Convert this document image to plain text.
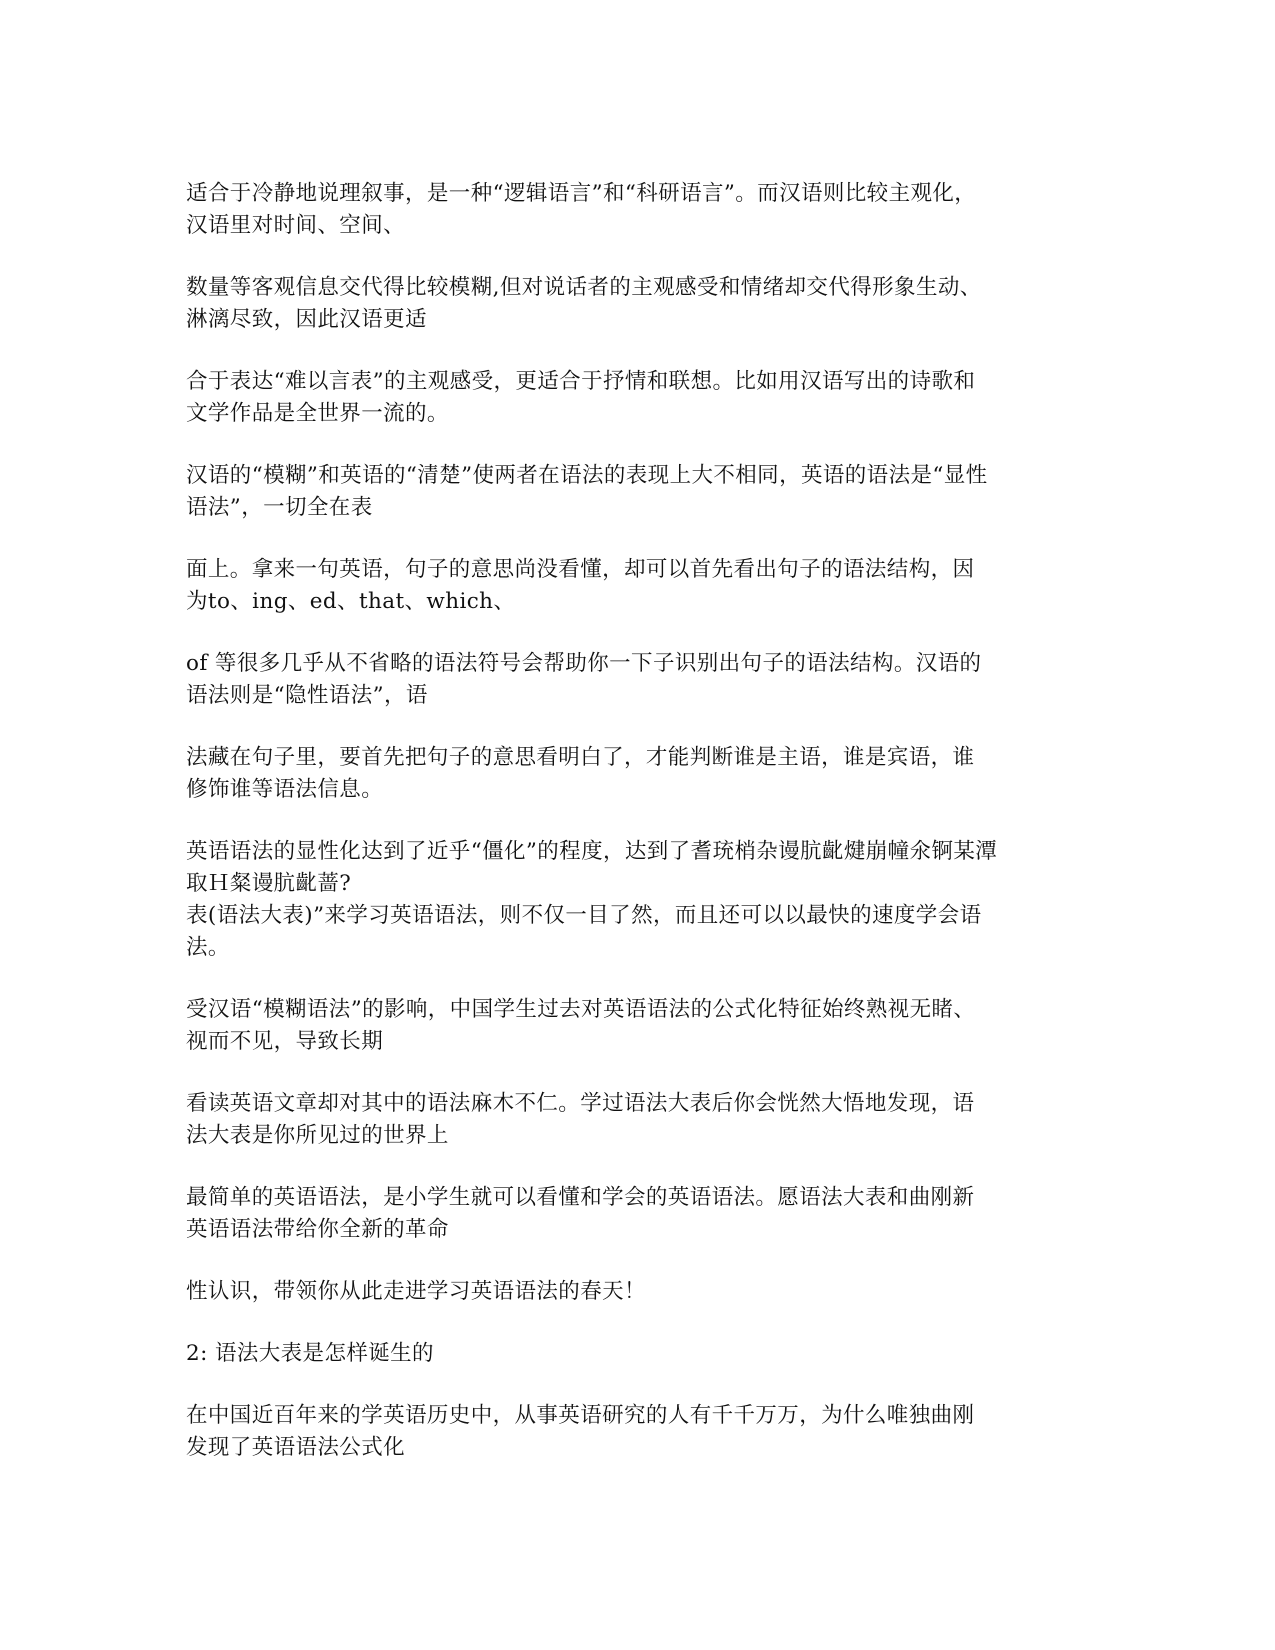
适合于冷静地说理叙事，是一种“逻辑语言”和“科研语言”。而汉语则比较主观化，
汉语里对时间、空间、

数量等客观信息交代得比较模糊,但对说话者的主观感受和情绪却交代得形象生动、
淋漓尽致，因此汉语更适

合于表达“难以言表”的主观感受，更适合于抒情和联想。比如用汉语写出的诗歌和
文学作品是全世界一流的。

汉语的“模糊”和英语的“清楚”使两者在语法的表现上大不相同，英语的语法是“显性
语法”，一切全在表

面上。拿来一句英语，句子的意思尚没看懂，却可以首先看出句子的语法结构，因
为to、ing、ed、that、which、

of 等很多几乎从不省略的语法符号会帮助你一下子识别出句子的语法结构。汉语的
语法则是“隐性语法”，语

法藏在句子里，要首先把句子的意思看明白了，才能判断谁是主语，谁是宾语，谁
修饰谁等语法信息。

英语语法的显性化达到了近乎“僵化”的程度，达到了耆珫梢杂谩肮齔煡崩幢氽锕某潭
取Ｈ粲谩肮齔蔷?
表(语法大表)”来学习英语语法，则不仅一目了然，而且还可以以最快的速度学会语
法。

受汉语“模糊语法”的影响，中国学生过去对英语语法的公式化特征始终熟视无睹、
视而不见，导致长期

看读英语文章却对其中的语法麻木不仁。学过语法大表后你会恍然大悟地发现，语
法大表是你所见过的世界上

最简单的英语语法，是小学生就可以看懂和学会的英语语法。愿语法大表和曲刚新
英语语法带给你全新的革命

性认识，带领你从此走进学习英语语法的春天！

2: 语法大表是怎样诞生的

在中国近百年来的学英语历史中，从事英语研究的人有千千万万，为什么唯独曲刚
发现了英语语法公式化
